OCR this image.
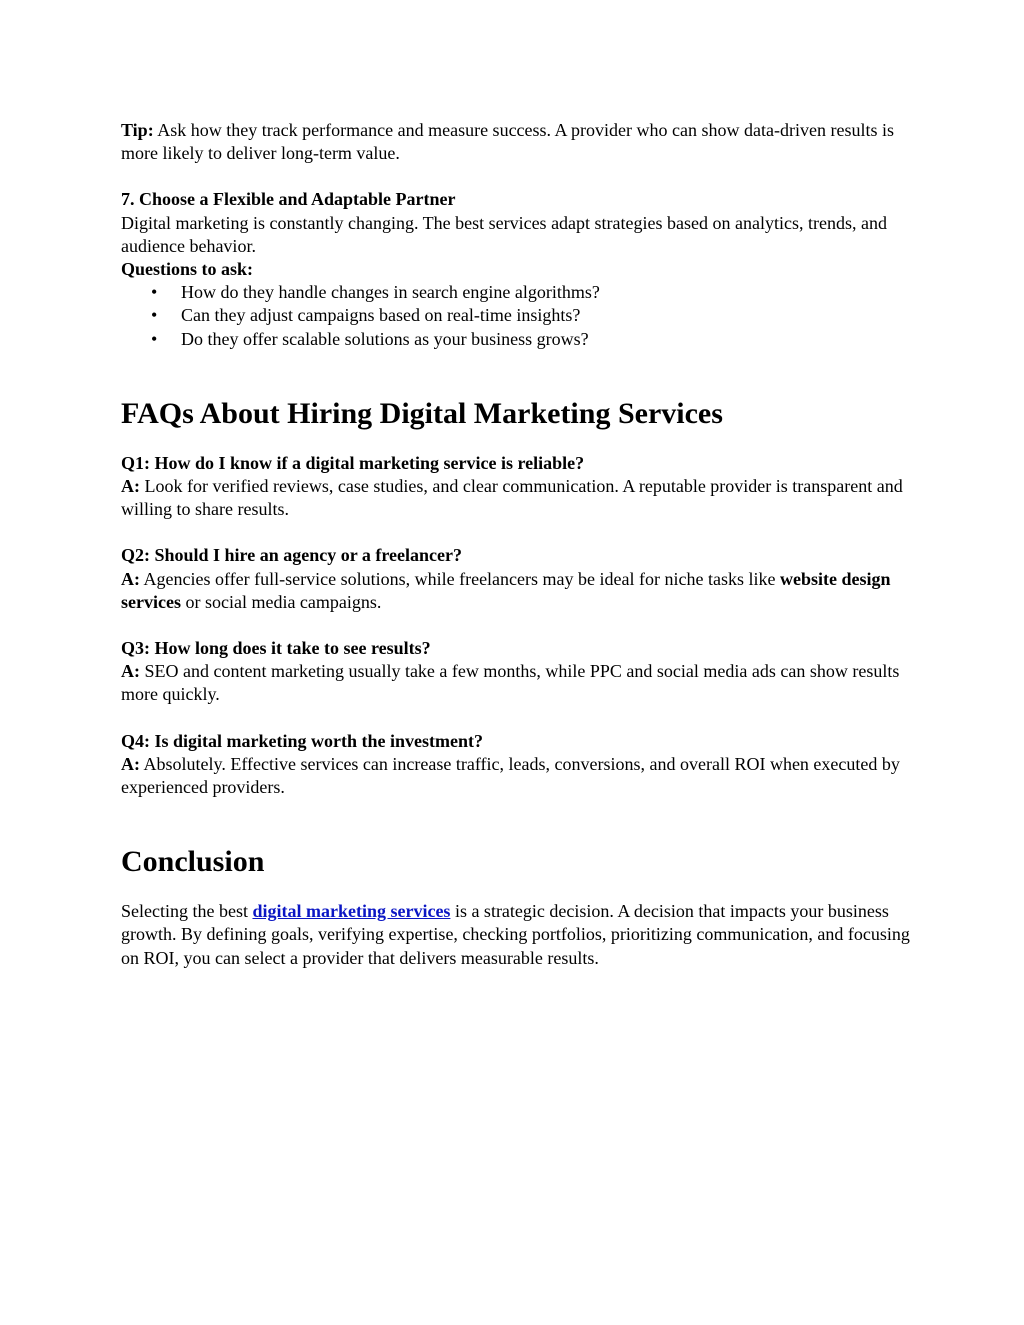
Tip: Ask how they track performance and measure success. A provider who can show data-driven results is more likely to deliver long-term value.

7. Choose a Flexible and Adaptable Partner

Digital marketing is constantly changing. The best services adapt strategies based on analytics, trends, and audience behavior.

Questions to ask:

• How do they handle changes in search engine algorithms?
• Can they adjust campaigns based on real-time insights?
• Do they offer scalable solutions as your business grows?
FAQs About Hiring Digital Marketing Services

Q1: How do I know if a digital marketing service is reliable?

A: Look for verified reviews, case studies, and clear communication. A reputable provider is transparent and willing to share results.

Q2: Should I hire an agency or a freelancer?

A: Agencies offer full-service solutions, while freelancers may be ideal for niche tasks like website design services or social media campaigns.

Q3: How long does it take to see results?

A: SEO and content marketing usually take a few months, while PPC and social media ads can show results more quickly.

Q4: Is digital marketing worth the investment?

A: Absolutely. Effective services can increase traffic, leads, conversions, and overall ROI when executed by experienced providers.

Conclusion

Selecting the best digital marketing services is a strategic decision. A decision that impacts your business growth. By defining goals, verifying expertise, checking portfolios, prioritizing communication, and focusing on ROI, you can select a provider that delivers measurable results.
